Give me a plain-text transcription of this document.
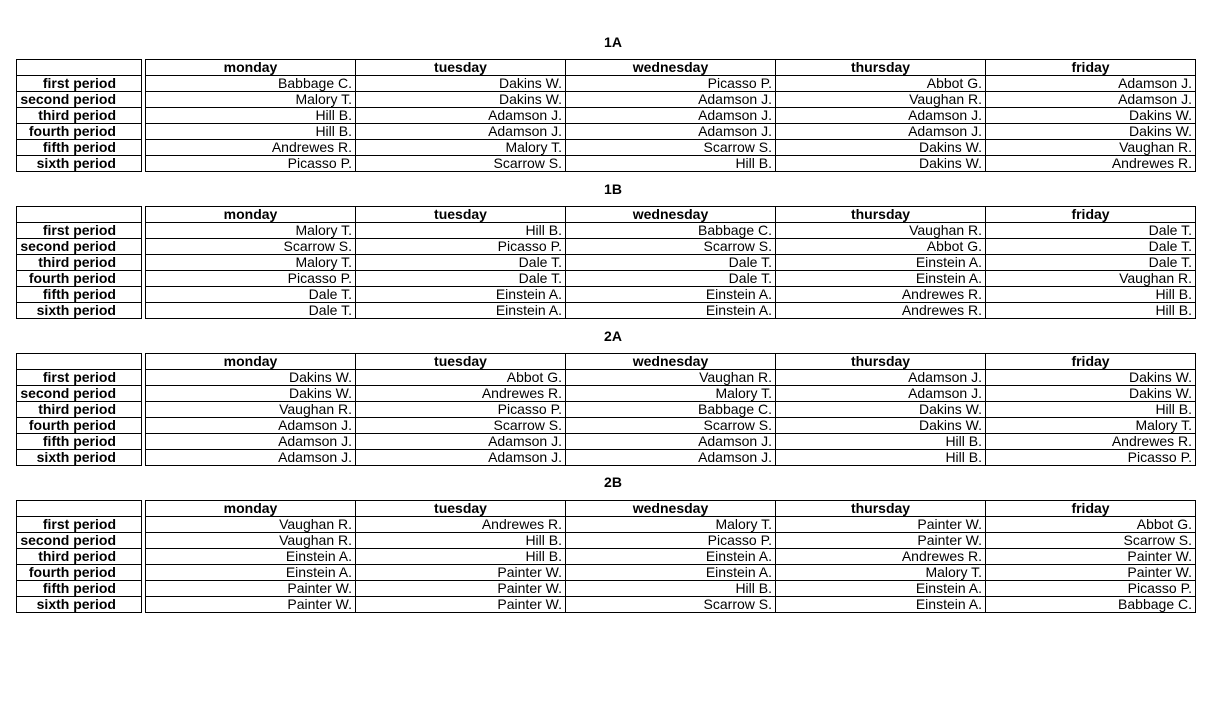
1A
		monday	tuesday	wednesday	thursday	friday
first period		Babbage C.	Dakins W.	Picasso P.	Abbot G.	Adamson J.
second period		Malory T.	Dakins W.	Adamson J.	Vaughan R.	Adamson J.
third period		Hill B.	Adamson J.	Adamson J.	Adamson J.	Dakins W.
fourth period		Hill B.	Adamson J.	Adamson J.	Adamson J.	Dakins W.
fifth period		Andrewes R.	Malory T.	Scarrow S.	Dakins W.	Vaughan R.
sixth period		Picasso P.	Scarrow S.	Hill B.	Dakins W.	Andrewes R.
1B
		monday	tuesday	wednesday	thursday	friday
first period		Malory T.	Hill B.	Babbage C.	Vaughan R.	Dale T.
second period		Scarrow S.	Picasso P.	Scarrow S.	Abbot G.	Dale T.
third period		Malory T.	Dale T.	Dale T.	Einstein A.	Dale T.
fourth period		Picasso P.	Dale T.	Dale T.	Einstein A.	Vaughan R.
fifth period		Dale T.	Einstein A.	Einstein A.	Andrewes R.	Hill B.
sixth period		Dale T.	Einstein A.	Einstein A.	Andrewes R.	Hill B.
2A
		monday	tuesday	wednesday	thursday	friday
first period		Dakins W.	Abbot G.	Vaughan R.	Adamson J.	Dakins W.
second period		Dakins W.	Andrewes R.	Malory T.	Adamson J.	Dakins W.
third period		Vaughan R.	Picasso P.	Babbage C.	Dakins W.	Hill B.
fourth period		Adamson J.	Scarrow S.	Scarrow S.	Dakins W.	Malory T.
fifth period		Adamson J.	Adamson J.	Adamson J.	Hill B.	Andrewes R.
sixth period		Adamson J.	Adamson J.	Adamson J.	Hill B.	Picasso P.
2B
		monday	tuesday	wednesday	thursday	friday
first period		Vaughan R.	Andrewes R.	Malory T.	Painter W.	Abbot G.
second period		Vaughan R.	Hill B.	Picasso P.	Painter W.	Scarrow S.
third period		Einstein A.	Hill B.	Einstein A.	Andrewes R.	Painter W.
fourth period		Einstein A.	Painter W.	Einstein A.	Malory T.	Painter W.
fifth period		Painter W.	Painter W.	Hill B.	Einstein A.	Picasso P.
sixth period		Painter W.	Painter W.	Scarrow S.	Einstein A.	Babbage C.
